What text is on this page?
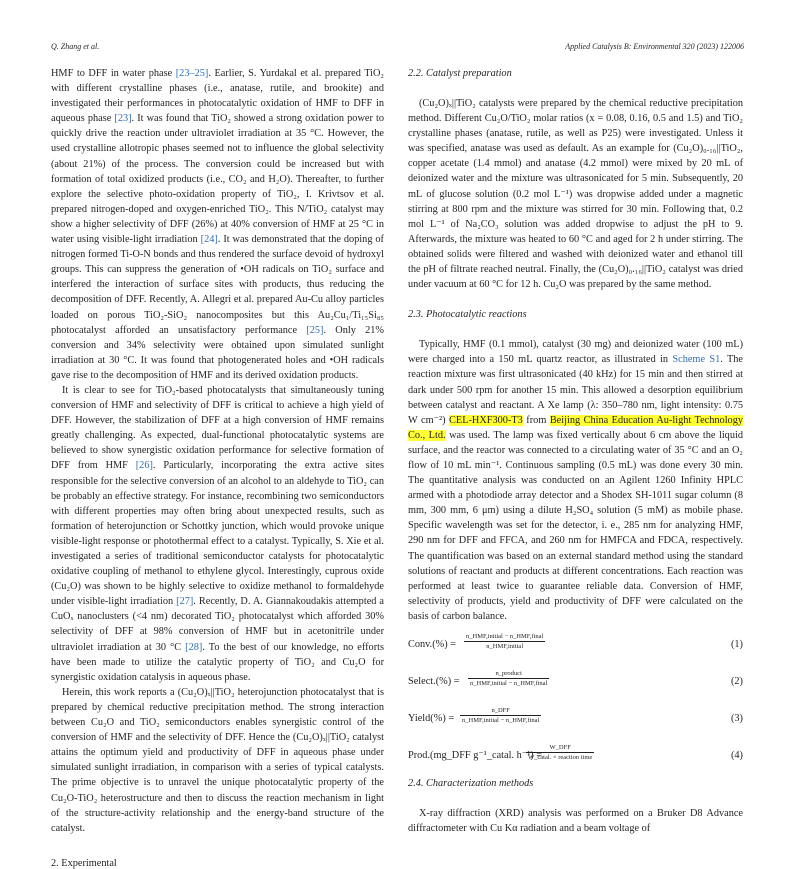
Q. Zhang et al.	Applied Catalysis B: Environmental 320 (2023) 122006

HMF to DFF in water phase [23–25]. Earlier, S. Yurdakal et al. prepared TiO₂ with different crystalline phases (i.e., anatase, rutile, and brookite) and investigated their performances in photocatalytic oxidation of HMF to DFF in aqueous phase [23]. It was found that TiO₂ showed a strong oxidation power to quickly drive the reaction under ultraviolet irradiation at 35 °C. However, the used crystalline allotropic phases seemed not to influence the global selectivity (about 21%) of the process. The conversion could be increased but with formation of total oxidized products (i.e., CO₂ and H₂O). Thereafter, to further explore the selective photo-oxidation property of TiO₂, I. Krivtsov et al. prepared nitrogen-doped and oxygen-enriched TiO₂. This N/TiO₂ catalyst may show a higher selectivity of DFF (26%) at 40% conversion of HMF at 25 °C in water using visible-light irradiation [24]. It was demonstrated that the doping of nitrogen formed Ti-O-N bonds and thus rendered the surface devoid of hydroxyl groups. This can suppress the generation of •OH radicals on TiO₂ surface and interfered the interaction of surface sites with products, thus reducing the decomposition of DFF. Recently, A. Allegri et al. prepared Au-Cu alloy particles loaded on porous TiO₂-SiO₂ nanocomposites but this Au₂Cu₁/Ti₁₅Si₈₅ photocatalyst afforded an unsatisfactory performance [25]. Only 21% conversion and 34% selectivity were obtained upon simulated sunlight irradiation at 30 °C. It was found that photogenerated holes and •OH radicals gave rise to the decomposition of HMF and its derived oxidation products.

It is clear to see for TiO₂-based photocatalysts that simultaneously tuning conversion of HMF and selectivity of DFF is critical to achieve a high yield of DFF. However, the stabilization of DFF at a high conversion of HMF remains greatly challenging. As expected, dual-functional photocatalytic systems are believed to show synergistic oxidation performance for selective formation of DFF from HMF [26]. Particularly, incorporating the extra active sites responsible for the selective conversion of an alcohol to an aldehyde to TiO₂ can be probably an effective strategy. For instance, recombining two semiconductors with different properties may often bring about unexpected results, such as formation of heterojunction or Schottky junction, which would provoke unique visible-light response or photothermal effect to a catalyst. Typically, S. Xie et al. investigated a series of traditional semiconductor catalysts for photocatalytic oxidative coupling of methanol to ethylene glycol. Interestingly, cuprous oxide (Cu₂O) was shown to be highly selective to oxidize methanol to formaldehyde under visible-light irradiation [27]. Recently, D. A. Giannakoudakis attempted a CuOₓ nanoclusters (<4 nm) decorated TiO₂ photocatalyst which afforded 30% selectivity of DFF at 98% conversion of HMF but in acetonitrile under ultraviolet irradiation at 30 °C [28]. To the best of our knowledge, no efforts have been made to utilize the catalytic property of TiO₂ and Cu₂O for synergistic oxidation catalysis in aqueous phase.

Herein, this work reports a (Cu₂O)ₓ||TiO₂ heterojunction photocatalyst that is prepared by chemical reductive precipitation method. The strong interaction between Cu₂O and TiO₂ semiconductors enables synergistic control of the conversion of HMF and the selectivity of DFF. Hence the (Cu₂O)ₓ||TiO₂ catalyst attains the optimum yield and productivity of DFF in aqueous phase under simulated sunlight irradiation, in comparison with a series of typical catalysts. The prime objective is to unravel the unique photocatalytic property of the Cu₂O-TiO₂ heterostructure and then to discuss the reaction mechanism in light of the structure-activity relationship and the energy-band structure of the catalyst.

2. Experimental
2.2. Catalyst preparation

(Cu₂O)ₓ||TiO₂ catalysts were prepared by the chemical reductive precipitation method. Different Cu₂O/TiO₂ molar ratios (x = 0.08, 0.16, 0.5 and 1.5) and TiO₂ crystalline phases (anatase, rutile, as well as P25) were investigated. Unless it was specified, anatase was used as default. As an example for (Cu₂O)₀.₁₆||TiO₂, copper acetate (1.4 mmol) and anatase (4.2 mmol) were mixed by 20 mL of deionized water and the mixture was ultrasonicated for 5 min. Subsequently, 20 mL of glucose solution (0.2 mol L⁻¹) was dropwise added under a magnetic stirring at 800 rpm and the mixture was stirred for 30 min. Following that, 0.2 mol L⁻¹ of Na₂CO₃ solution was added dropwise to adjust the pH to 9. Afterwards, the mixture was heated to 60 °C and aged for 2 h under stirring. The obtained solids were filtered and washed with deionized water and ethanol till the pH of filtrate reached neutral. Finally, the (Cu₂O)₀.₁₆||TiO₂ catalyst was dried under vacuum at 60 °C for 12 h. Cu₂O was prepared by the same method.

2.3. Photocatalytic reactions

Typically, HMF (0.1 mmol), catalyst (30 mg) and deionized water (100 mL) were charged into a 150 mL quartz reactor, as illustrated in Scheme S1. The reaction mixture was first ultrasonicated (40 kHz) for 15 min and then stirred at dark under 500 rpm for another 15 min. This allowed a desorption equilibrium between catalyst and reactant. A Xe lamp (λ: 350–780 nm, light intensity: 0.75 W cm⁻²) CEL-HXF300-T3 from Beijing China Education Au-light Technology Co., Ltd. was used. The lamp was fixed vertically about 6 cm above the liquid surface, and the reactor was connected to a circulating water of 35 °C and an O₂ flow of 10 mL min⁻¹. Continuous sampling (0.5 mL) was done every 30 min. The quantitative analysis was conducted on an Agilent 1260 Infinity HPLC armed with a photodiode array detector and a Shodex SH-1011 sugar column (8 mm, 300 mm, 6 μm) using a dilute H₂SO₄ solution (5 mM) as mobile phase. Specific wavelength was set for the detector, i. e., 285 nm for analyzing HMF, 290 nm for DFF and FFCA, and 260 nm for HMFCA and FDCA, respectively. The quantification was based on an external standard method using the standard solutions of reactant and products at different concentrations. Each reaction was performed at least twice to guarantee reliable data. Conversion of HMF, selectivity of products, yield and productivity of DFF were calculated on the basis of carbon balance.

Conv.(%) =
n_HMF,initial − n_HMF,final
n_HMF,initial	(1)
Select.(%) =
n_product
n_HMF,initial − n_HMF,final	(2)
Yield(%) =
n_DFF
n_HMF,initial − n_HMF,final	(3)
Prod.(mg_DFF g⁻¹_catal. h⁻¹) =
W_DFF
W_catal. × reaction time	(4)
2.4. Characterization methods

X-ray diffraction (XRD) analysis was performed on a Bruker D8 Advance diffractometer with Cu Kα radiation and a beam voltage of
